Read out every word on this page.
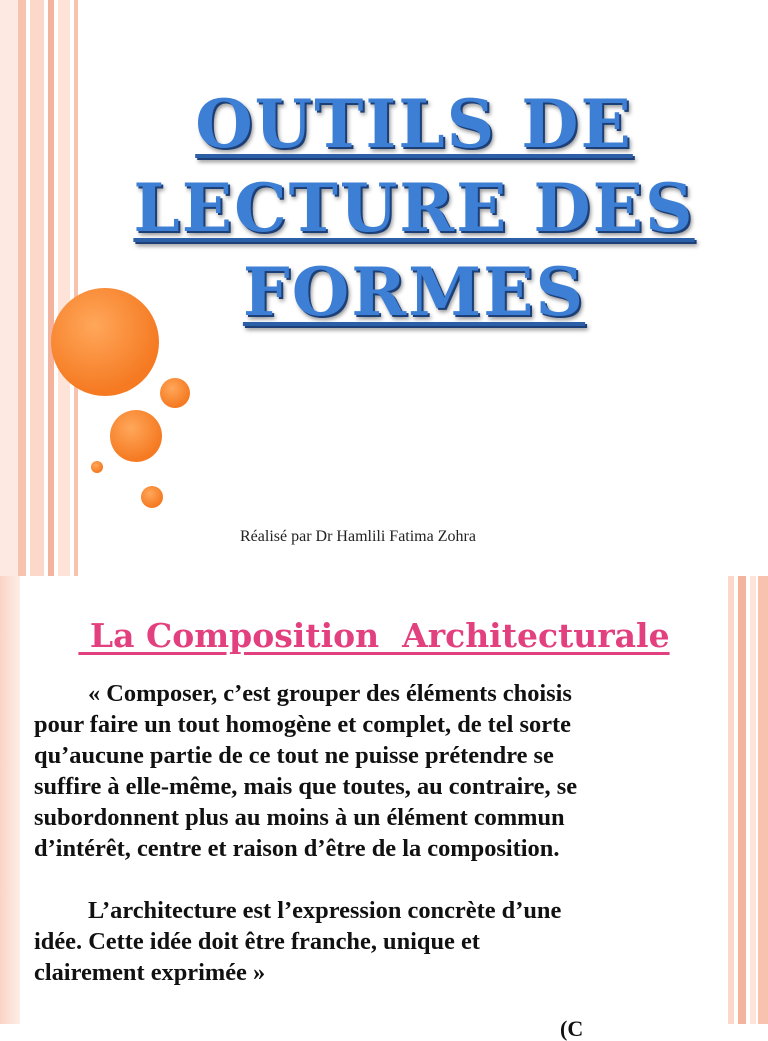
OUTILS DE
LECTURE DES
FORMES
Réalisé par Dr Hamlili Fatima Zohra
La Composition  Architecturale
« Composer, c’est grouper des éléments choisis
pour faire un tout homogène et complet, de tel sorte
qu’aucune partie de ce tout ne puisse prétendre se
suffire à elle-même, mais que toutes, au contraire, se
subordonnent plus au moins à un élément commun
d’intérêt, centre et raison d’être de la composition.
L’architecture est l’expression concrète d’une
idée. Cette idée doit être franche, unique et
clairement exprimée »
(C
